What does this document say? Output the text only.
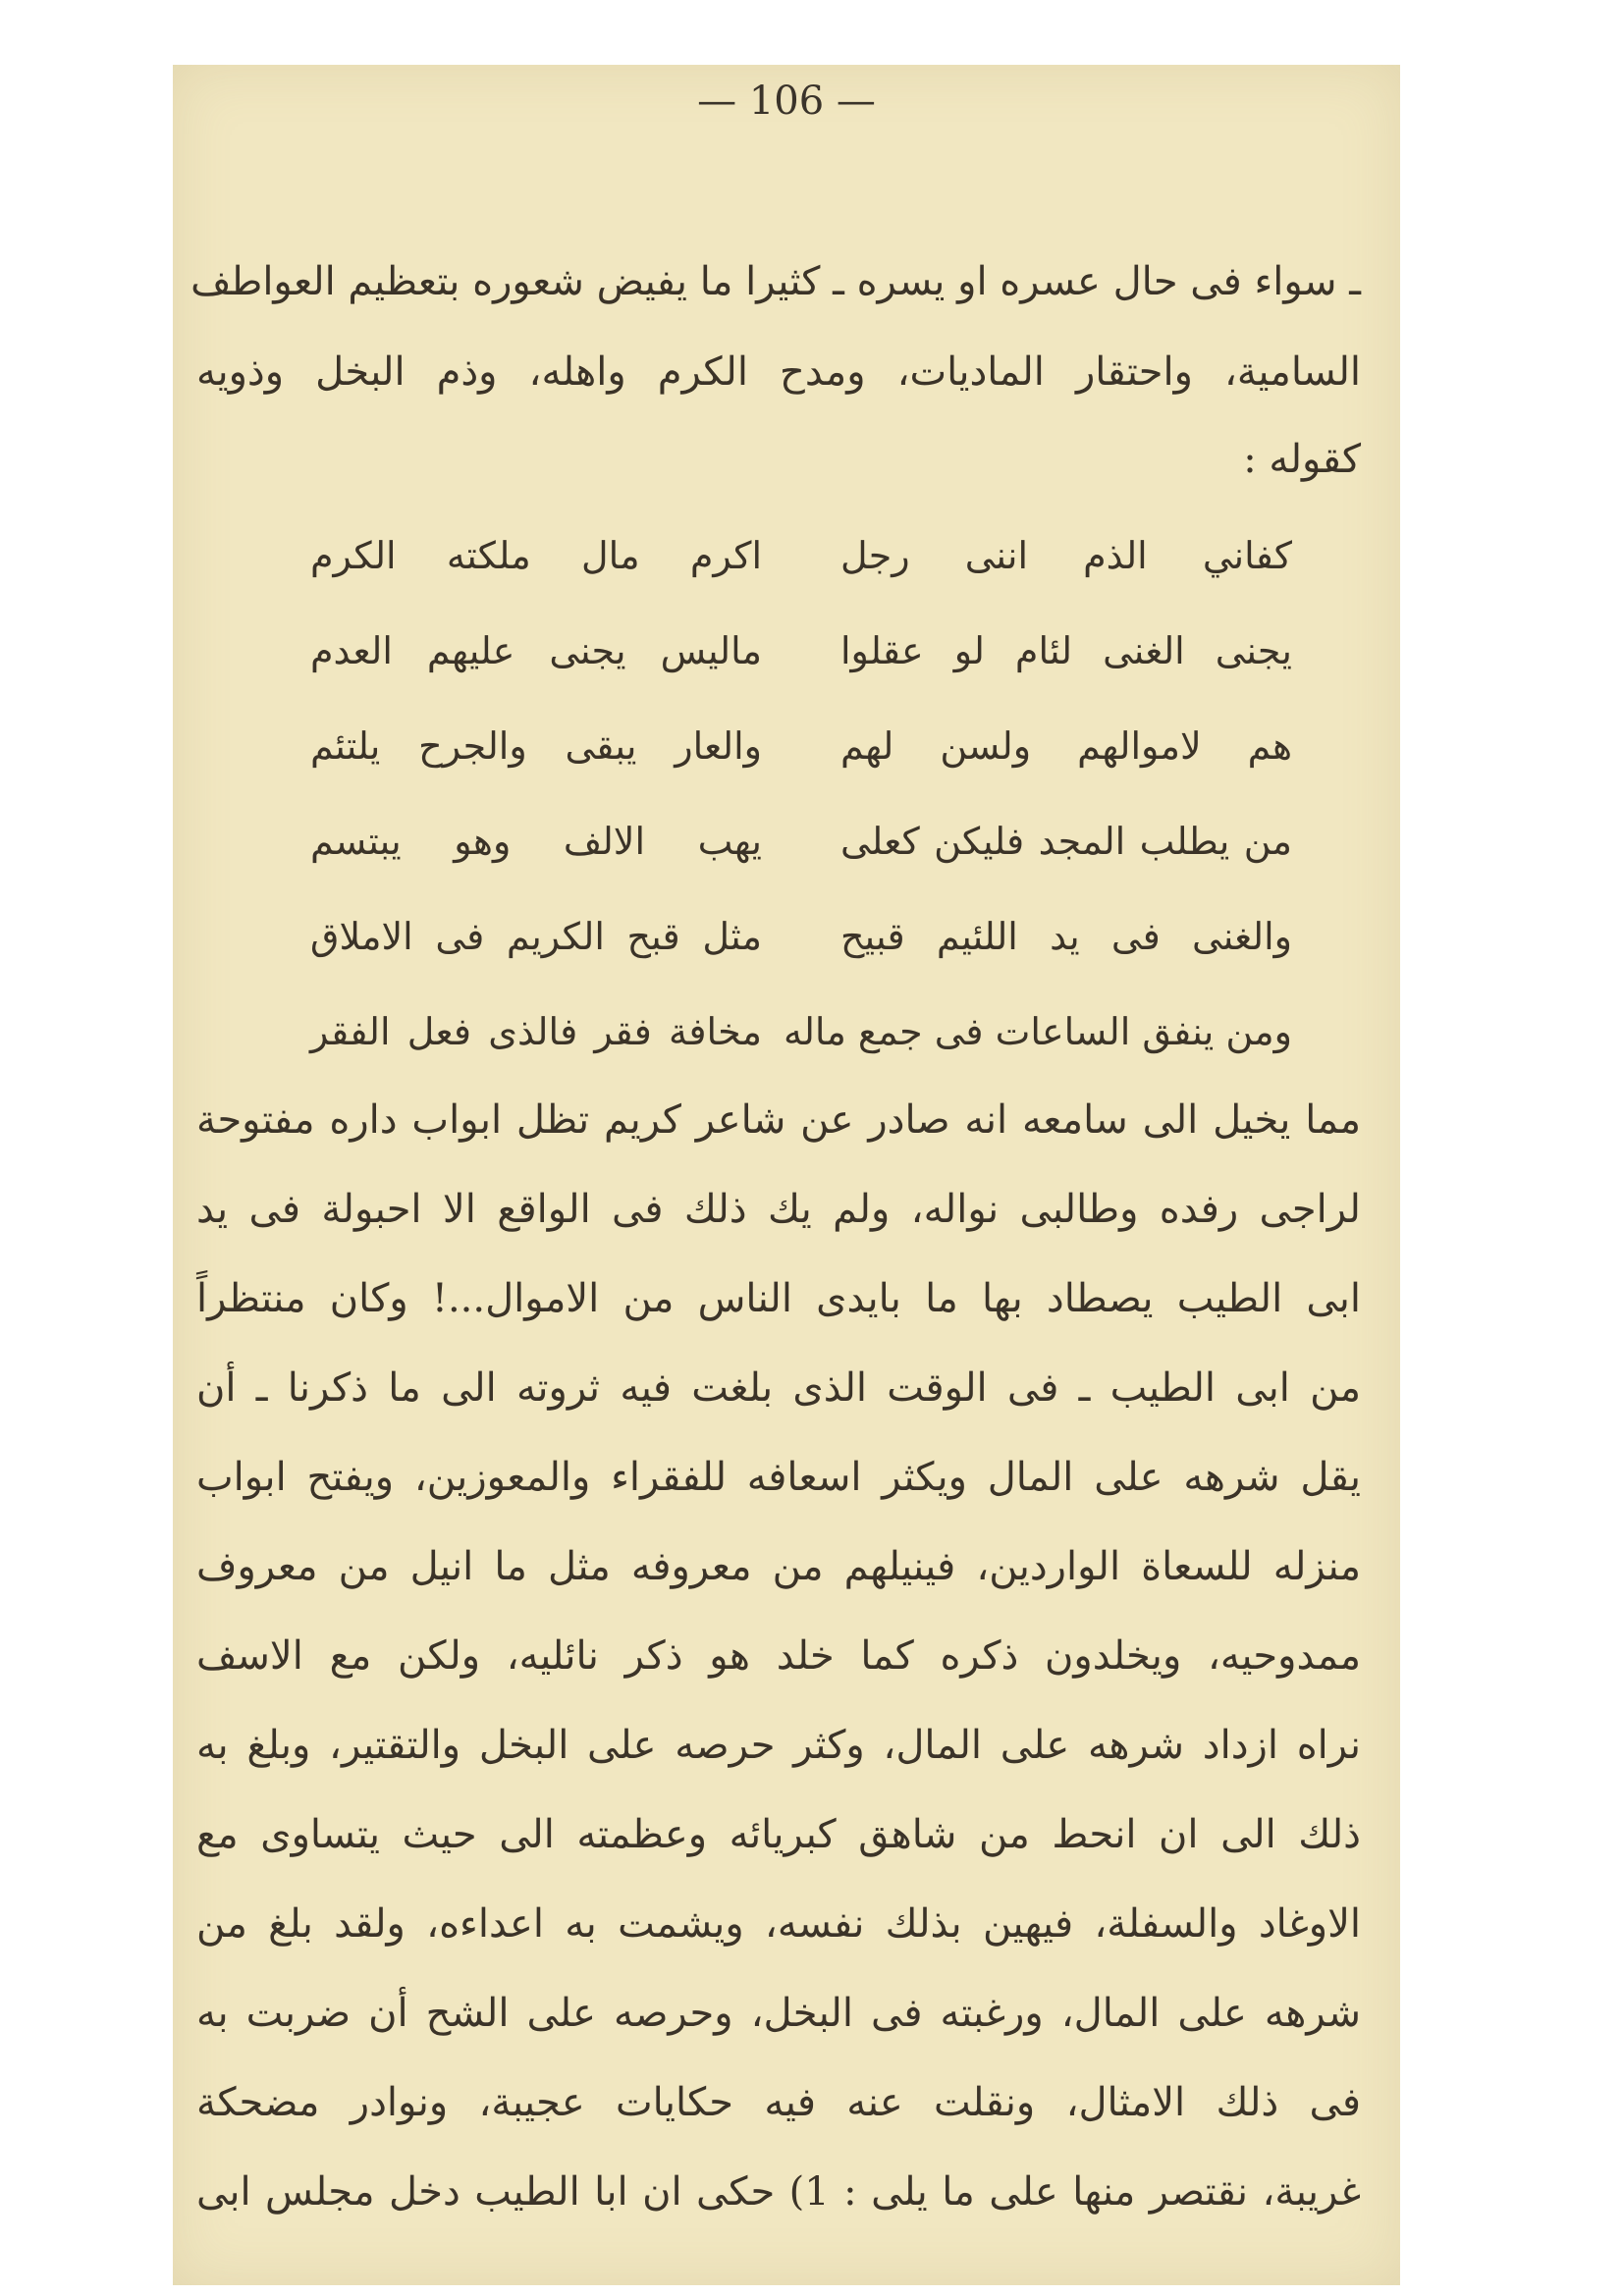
— 106 —
ـ سواء فى حال عسره او يسره ـ كثيرا ما يفيض شعوره بتعظيم العواطف
السامية، واحتقار الماديات، ومدح الكرم واهله، وذم البخل وذويه
كقوله :
كفاني الذم اننى رجل
اكرم مال ملكته الكرم
يجنى الغنى لئام لو عقلوا
ماليس يجنى عليهم العدم
هم لاموالهم ولسن لهم
والعار يبقى والجرح يلتئم
من يطلب المجد فليكن كعلى
يهب الالف وهو يبتسم
والغنى فى يد اللئيم قبيح
مثل قبح الكريم فى الاملاق
ومن ينفق الساعات فى جمع ماله
مخافة فقر فالذى فعل الفقر
مما يخيل الى سامعه انه صادر عن شاعر كريم تظل ابواب داره مفتوحة
لراجى رفده وطالبى نواله، ولم يك ذلك فى الواقع الا احبولة فى يد
ابى الطيب يصطاد بها ما بايدى الناس من الاموال...! وكان منتظراً
من ابى الطيب ـ فى الوقت الذى بلغت فيه ثروته الى ما ذكرنا ـ أن
يقل شرهه على المال ويكثر اسعافه للفقراء والمعوزين، ويفتح ابواب
منزله للسعاة الواردين، فينيلهم من معروفه مثل ما انيل من معروف
ممدوحيه، ويخلدون ذكره كما خلد هو ذكر نائليه، ولكن مع الاسف
نراه ازداد شرهه على المال، وكثر حرصه على البخل والتقتير، وبلغ به
ذلك الى ان انحط من شاهق كبريائه وعظمته الى حيث يتساوى مع
الاوغاد والسفلة، فيهين بذلك نفسه، ويشمت به اعداءه، ولقد بلغ من
شرهه على المال، ورغبته فى البخل، وحرصه على الشح أن ضربت به
فى ذلك الامثال، ونقلت عنه فيه حكايات عجيبة، ونوادر مضحكة
غريبة، نقتصر منها على ما يلى : 1) حكى ان ابا الطيب دخل مجلس ابى
